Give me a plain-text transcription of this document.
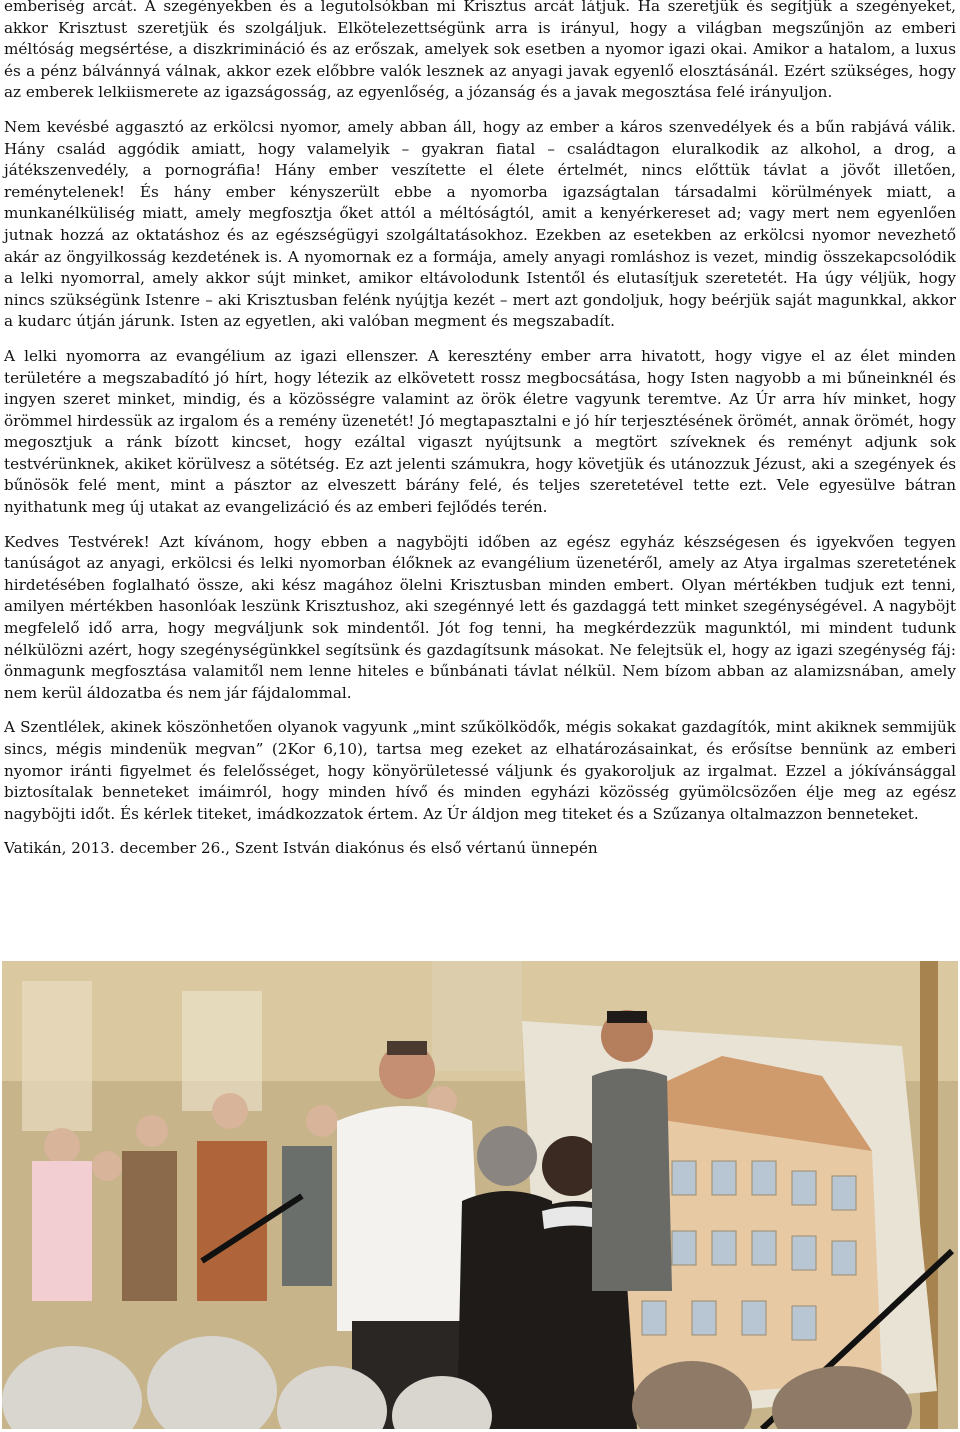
emberiség arcát. A szegényekben és a legutolsókban mi Krisztus arcát látjuk. Ha szeretjük és segítjük a szegényeket, akkor Krisztust szeretjük és szolgáljuk. Elkötelezettségünk arra is irányul, hogy a világban megszűnjön az emberi méltóság megsértése, a diszkrimináció és az erőszak, amelyek sok esetben a nyomor igazi okai. Amikor a hatalom, a luxus és a pénz bálvánnyá válnak, akkor ezek előbbre valók lesznek az anyagi javak egyenlő elosztásánál. Ezért szükséges, hogy az emberek lelkiismerete az igazságosság, az egyenlőség, a józanság és a javak megosztása felé irányuljon.

Nem kevésbé aggasztó az erkölcsi nyomor, amely abban áll, hogy az ember a káros szenvedélyek és a bűn rabjává válik. Hány család aggódik amiatt, hogy valamelyik – gyakran fiatal – családtagon eluralkodik az alkohol, a drog, a játékszenvedély, a pornográfia! Hány ember veszítette el élete értelmét, nincs előttük távlat a jövőt illetően, reménytelenek! És hány ember kényszerült ebbe a nyomorba igazságtalan társadalmi körülmények miatt, a munkanélküliség miatt, amely megfosztja őket attól a méltóságtól, amit a kenyérkereset ad; vagy mert nem egyenlően jutnak hozzá az oktatáshoz és az egészségügyi szolgáltatásokhoz. Ezekben az esetekben az erkölcsi nyomor nevezhető akár az öngyilkosság kezdetének is. A nyomornak ez a formája, amely anyagi romláshoz is vezet, mindig összekapcsolódik a lelki nyomorral, amely akkor sújt minket, amikor eltávolodunk Istentől és elutasítjuk szeretetét. Ha úgy véljük, hogy nincs szükségünk Istenre – aki Krisztusban felénk nyújtja kezét – mert azt gondoljuk, hogy beérjük saját magunkkal, akkor a kudarc útján járunk. Isten az egyetlen, aki valóban megment és megszabadít.

A lelki nyomorra az evangélium az igazi ellenszer. A keresztény ember arra hivatott, hogy vigye el az élet minden területére a megszabadító jó hírt, hogy létezik az elkövetett rossz megbocsátása, hogy Isten nagyobb a mi bűneinknél és ingyen szeret minket, mindig, és a közösségre valamint az örök életre vagyunk teremtve. Az Úr arra hív minket, hogy örömmel hirdessük az irgalom és a remény üzenetét! Jó megtapasztalni e jó hír terjesztésének örömét, annak örömét, hogy megosztjuk a ránk bízott kincset, hogy ezáltal vigaszt nyújtsunk a megtört szíveknek és reményt adjunk sok testvérünknek, akiket körülvesz a sötétség. Ez azt jelenti számukra, hogy követjük és utánozzuk Jézust, aki a szegények és bűnösök felé ment, mint a pásztor az elveszett bárány felé, és teljes szeretetével tette ezt. Vele egyesülve bátran nyithatunk meg új utakat az evangelizáció és az emberi fejlődés terén.

Kedves Testvérek! Azt kívánom, hogy ebben a nagyböjti időben az egész egyház készségesen és igyekvően tegyen tanúságot az anyagi, erkölcsi és lelki nyomorban élőknek az evangélium üzenetéről, amely az Atya irgalmas szeretetének hirdetésében foglalható össze, aki kész magához ölelni Krisztusban minden embert. Olyan mértékben tudjuk ezt tenni, amilyen mértékben hasonlóak leszünk Krisztushoz, aki szegénnyé lett és gazdaggá tett minket szegénységével. A nagyböjt megfelelő idő arra, hogy megváljunk sok mindentől. Jót fog tenni, ha megkérdezzük magunktól, mi mindent tudunk nélkülözni azért, hogy szegénységünkkel segítsünk és gazdagítsunk másokat. Ne felejtsük el, hogy az igazi szegénység fáj: önmagunk megfosztása valamitől nem lenne hiteles e bűnbánati távlat nélkül. Nem bízom abban az alamizsnában, amely nem kerül áldozatba és nem jár fájdalommal.

A Szentlélek, akinek köszönhetően olyanok vagyunk „mint szűkölködők, mégis sokakat gazdagítók, mint akiknek semmijük sincs, mégis mindenük megvan” (2Kor 6,10), tartsa meg ezeket az elhatározásainkat, és erősítse bennünk az emberi nyomor iránti figyelmet és felelősséget, hogy könyörületessé váljunk és gyakoroljuk az irgalmat. Ezzel a jókívánsággal biztosítalak benneteket imáimról, hogy minden hívő és minden egyházi közösség gyümölcsözően élje meg az egész nagyböjti időt. És kérlek titeket, imádkozzatok értem. Az Úr áldjon meg titeket és a Szűzanya oltalmazzon benneteket.

Vatikán, 2013. december 26., Szent István diakónus és első vértanú ünnepén
